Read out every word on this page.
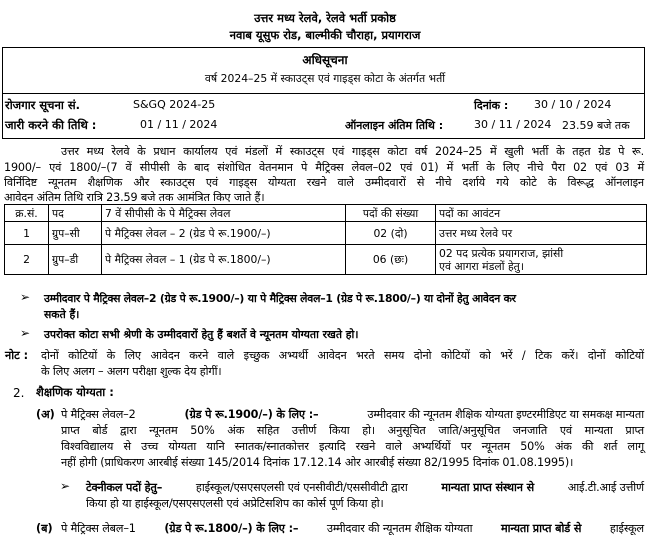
उत्तर मध्य रेलवे, रेलवे भर्ती प्रकोष्ठ
नवाब यूसुफ रोड, बाल्मीकी चौराहा, प्रयागराज
अधिसूचना
वर्ष 2024–25 में स्काउट्स एवं गाइड्स कोटा के अंतर्गत भर्ती
रोजगार सूचना सं.	S&GQ 2024-25	दिनांक : 30 / 10 / 2024
जारी करने की तिथि :	01 / 11 / 2024	ऑनलाइन अंतिम तिथि :	30 / 11 / 2024 23.59 बजे तक
उत्तर मध्य रेलवे के प्रधान कार्यालय एवं मंडलों में स्काउट्स एवं गाइड्स कोटा वर्ष 2024–25 में खुली भर्ती के तहत ग्रेड पे रू.
1900/– एवं 1800/–(7 वें सीपीसी के बाद संशोधित वेतनमान पे मैट्रिक्स लेवल–02 एवं 01) में भर्ती के लिए नीचे पैरा 02 एवं 03 में
विर्निदिष्ट न्यूनतम शैक्षणिक और स्काउट्स एवं गाइड्स योग्यता रखने वाले उम्मीदवारों से नीचे दर्शाये गये कोटे के विरूद्ध ऑनलाइन
आवेदन अंतिम तिथि रात्रि 23.59 बजे तक आमंत्रित किए जाते हैं।
क्र.सं.	पद	7 वें सीपीसी के पे मैट्रिक्स लेवल	पदों की संख्या	पदों का आवंटन
1	ग्रुप–सी	पे मैट्रिक्स लेवल – 2 (ग्रेड पे रू.1900/–)	02 (दो)	उत्तर मध्य रेलवे पर
2	ग्रुप–डी	पे मैट्रिक्स लेवल – 1 (ग्रेड पे रू.1800/–)	06 (छः)	02 पद प्रत्येक प्रयागराज, झांसी
एवं आगरा मंडलों हेतु।
➢ उम्मीदवार पे मैट्रिक्स लेवल–2 (ग्रेड पे रू.1900/–) या पे मैट्रिक्स लेवल–1 (ग्रेड पे रू.1800/–) या दोनों हेतु आवेदन कर
सकते हैं।
➢ उपरोक्त कोटा सभी श्रेणी के उम्मीदवारों हेतु हैं बशर्ते वे न्यूनतम योग्यता रखते हो।
नोट : दोनों कोटियों के लिए आवेदन करने वाले इच्छुक अभ्यर्थी आवेदन भरते समय दोनो कोटियों को भरें / टिक करें। दोनों कोटियों
के लिए अलग – अलग परीक्षा शुल्क देय होगीं।
2. शैक्षणिक योग्यता :
(अ) पे मैट्रिक्स लेवल–2	(ग्रेड पे रू.1900/–) के लिए :–	उम्मीदवार की न्यूनतम शैक्षिक योग्यता इण्टरमीडिएट या समकक्ष मान्यता
प्राप्त बोर्ड द्वारा न्यूनतम 50% अंक सहित उत्तीर्ण किया हो। अनुसूचित जाति/अनुसूचित जनजाति एवं मान्यता प्राप्त
विश्वविद्यालय से उच्च योग्यता यानि स्नातक/स्नातकोत्तर इत्यादि रखने वाले अभ्यर्थियों पर न्यूनतम 50% अंक की शर्त लागू
नहीं होगी (प्राधिकरण आरबीई संख्या 145/2014 दिनांक 17.12.14 ओर आरबीई संख्या 82/1995 दिनांक 01.08.1995)।
➢ टेक्नीकल पदों हेतु–	हाईस्कूल/एसएसएलसी एवं एनसीवीटी/एससीवीटी द्वारा	मान्यता प्राप्त संस्थान से	आई.टी.आई उत्तीर्ण
किया हो या हाईस्कूल/एसएसएलसी एवं अप्रेटिसशिप का कोर्स पूर्ण किया हो।
(ब) पे मैट्रिक्स लेबल–1	(ग्रेड पे रू.1800/–) के लिए :–	उम्मीदवार की न्यूनतम शैक्षिक योग्यता	मान्यता प्राप्त बोर्ड से	हाईस्कूल
